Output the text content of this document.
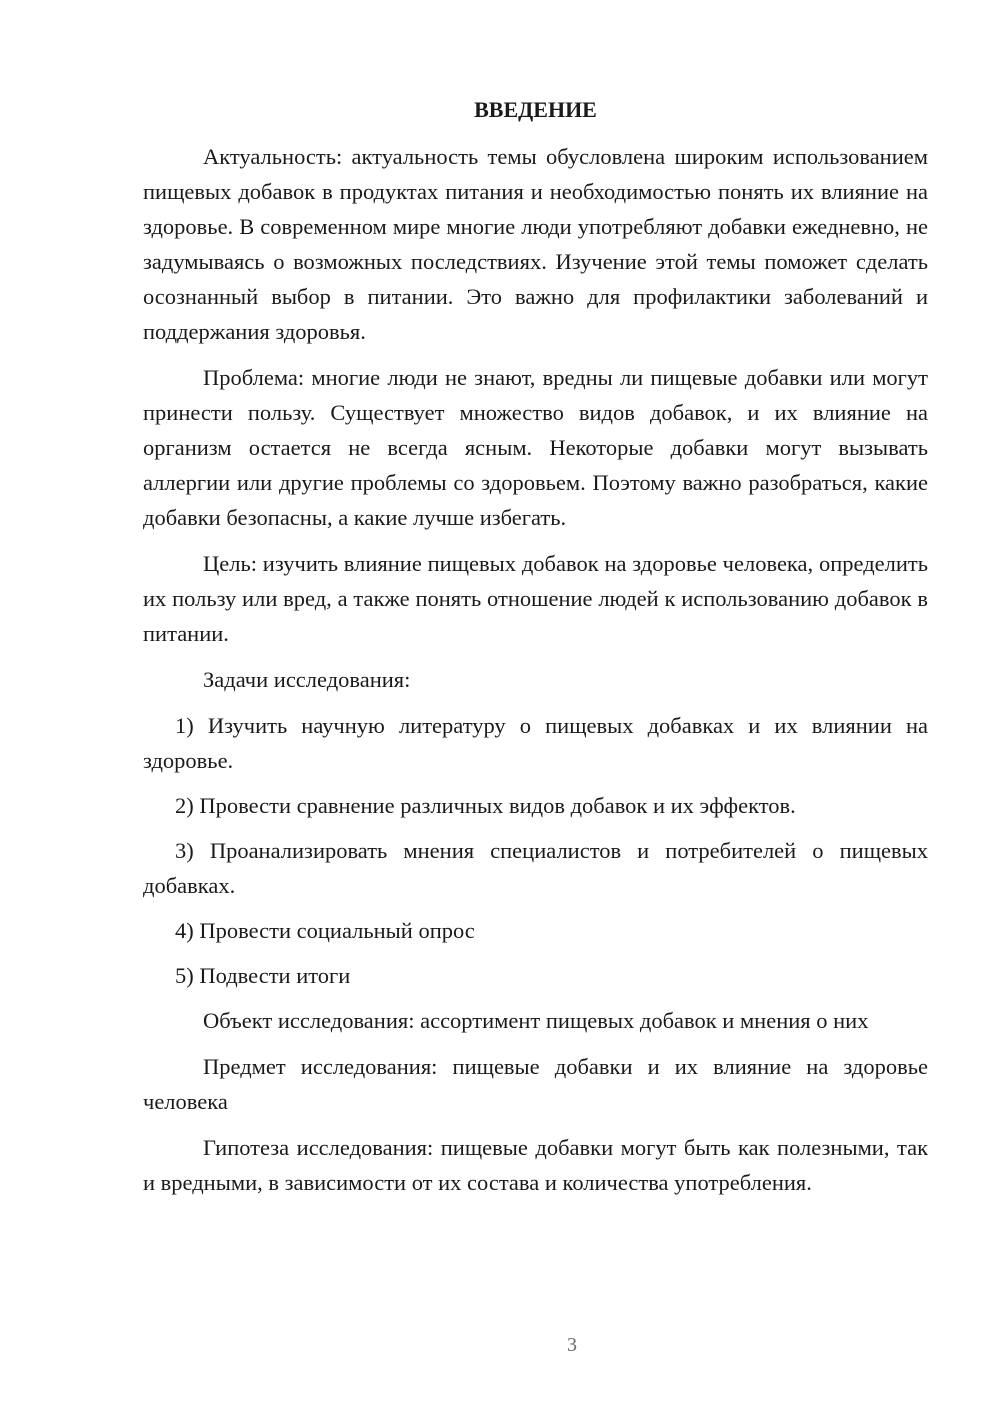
ВВЕДЕНИЕ

Актуальность: актуальность темы обусловлена широким использованием пищевых добавок в продуктах питания и необходимостью понять их влияние на здоровье. В современном мире многие люди употребляют добавки ежедневно, не задумываясь о возможных последствиях. Изучение этой темы поможет сделать осознанный выбор в питании. Это важно для профилактики заболеваний и поддержания здоровья.

Проблема: многие люди не знают, вредны ли пищевые добавки или могут принести пользу. Существует множество видов добавок, и их влияние на организм остается не всегда ясным. Некоторые добавки могут вызывать аллергии или другие проблемы со здоровьем. Поэтому важно разобраться, какие добавки безопасны, а какие лучше избегать.

Цель: изучить влияние пищевых добавок на здоровье человека, определить их пользу или вред, а также понять отношение людей к использованию добавок в питании.

Задачи исследования:

1) Изучить научную литературу о пищевых добавках и их влиянии на здоровье.

2) Провести сравнение различных видов добавок и их эффектов.

3) Проанализировать мнения специалистов и потребителей о пищевых добавках.

4) Провести социальный опрос

5) Подвести итоги

Объект исследования: ассортимент пищевых добавок и мнения о них

Предмет исследования: пищевые добавки и их влияние на здоровье человека

Гипотеза исследования: пищевые добавки могут быть как полезными, так и вредными, в зависимости от их состава и количества употребления.

3
